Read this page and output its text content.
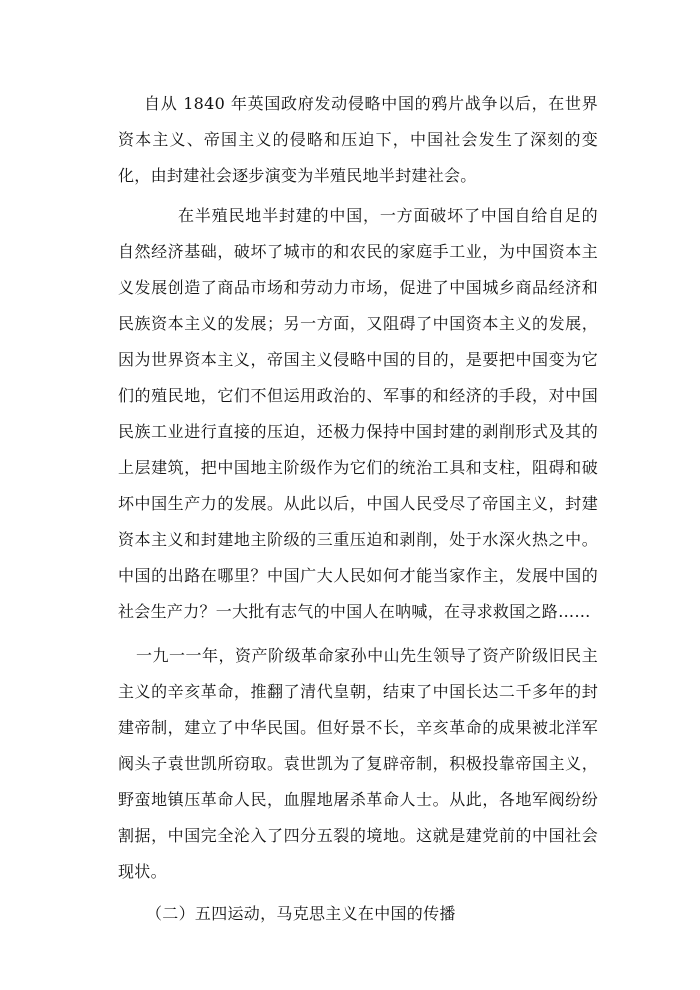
自从 1840 年英国政府发动侵略中国的鸦片战争以后，在世界资本主义、帝国主义的侵略和压迫下，中国社会发生了深刻的变化，由封建社会逐步演变为半殖民地半封建社会。

在半殖民地半封建的中国，一方面破坏了中国自给自足的自然经济基础，破坏了城市的和农民的家庭手工业，为中国资本主义发展创造了商品市场和劳动力市场，促进了中国城乡商品经济和民族资本主义的发展；另一方面，又阻碍了中国资本主义的发展，因为世界资本主义，帝国主义侵略中国的目的，是要把中国变为它们的殖民地，它们不但运用政治的、军事的和经济的手段，对中国民族工业进行直接的压迫，还极力保持中国封建的剥削形式及其的上层建筑，把中国地主阶级作为它们的统治工具和支柱，阻碍和破坏中国生产力的发展。从此以后，中国人民受尽了帝国主义，封建资本主义和封建地主阶级的三重压迫和剥削，处于水深火热之中。 中国的出路在哪里？中国广大人民如何才能当家作主，发展中国的社会生产力？一大批有志气的中国人在呐喊，在寻求救国之路……

一九一一年，资产阶级革命家孙中山先生领导了资产阶级旧民主主义的辛亥革命，推翻了清代皇朝，结束了中国长达二千多年的封建帝制，建立了中华民国。但好景不长，辛亥革命的成果被北洋军阀头子袁世凯所窃取。袁世凯为了复辟帝制，积极投靠帝国主义，野蛮地镇压革命人民，血腥地屠杀革命人士。从此，各地军阀纷纷割据，中国完全沦入了四分五裂的境地。这就是建党前的中国社会现状。

（二）五四运动，马克思主义在中国的传播
